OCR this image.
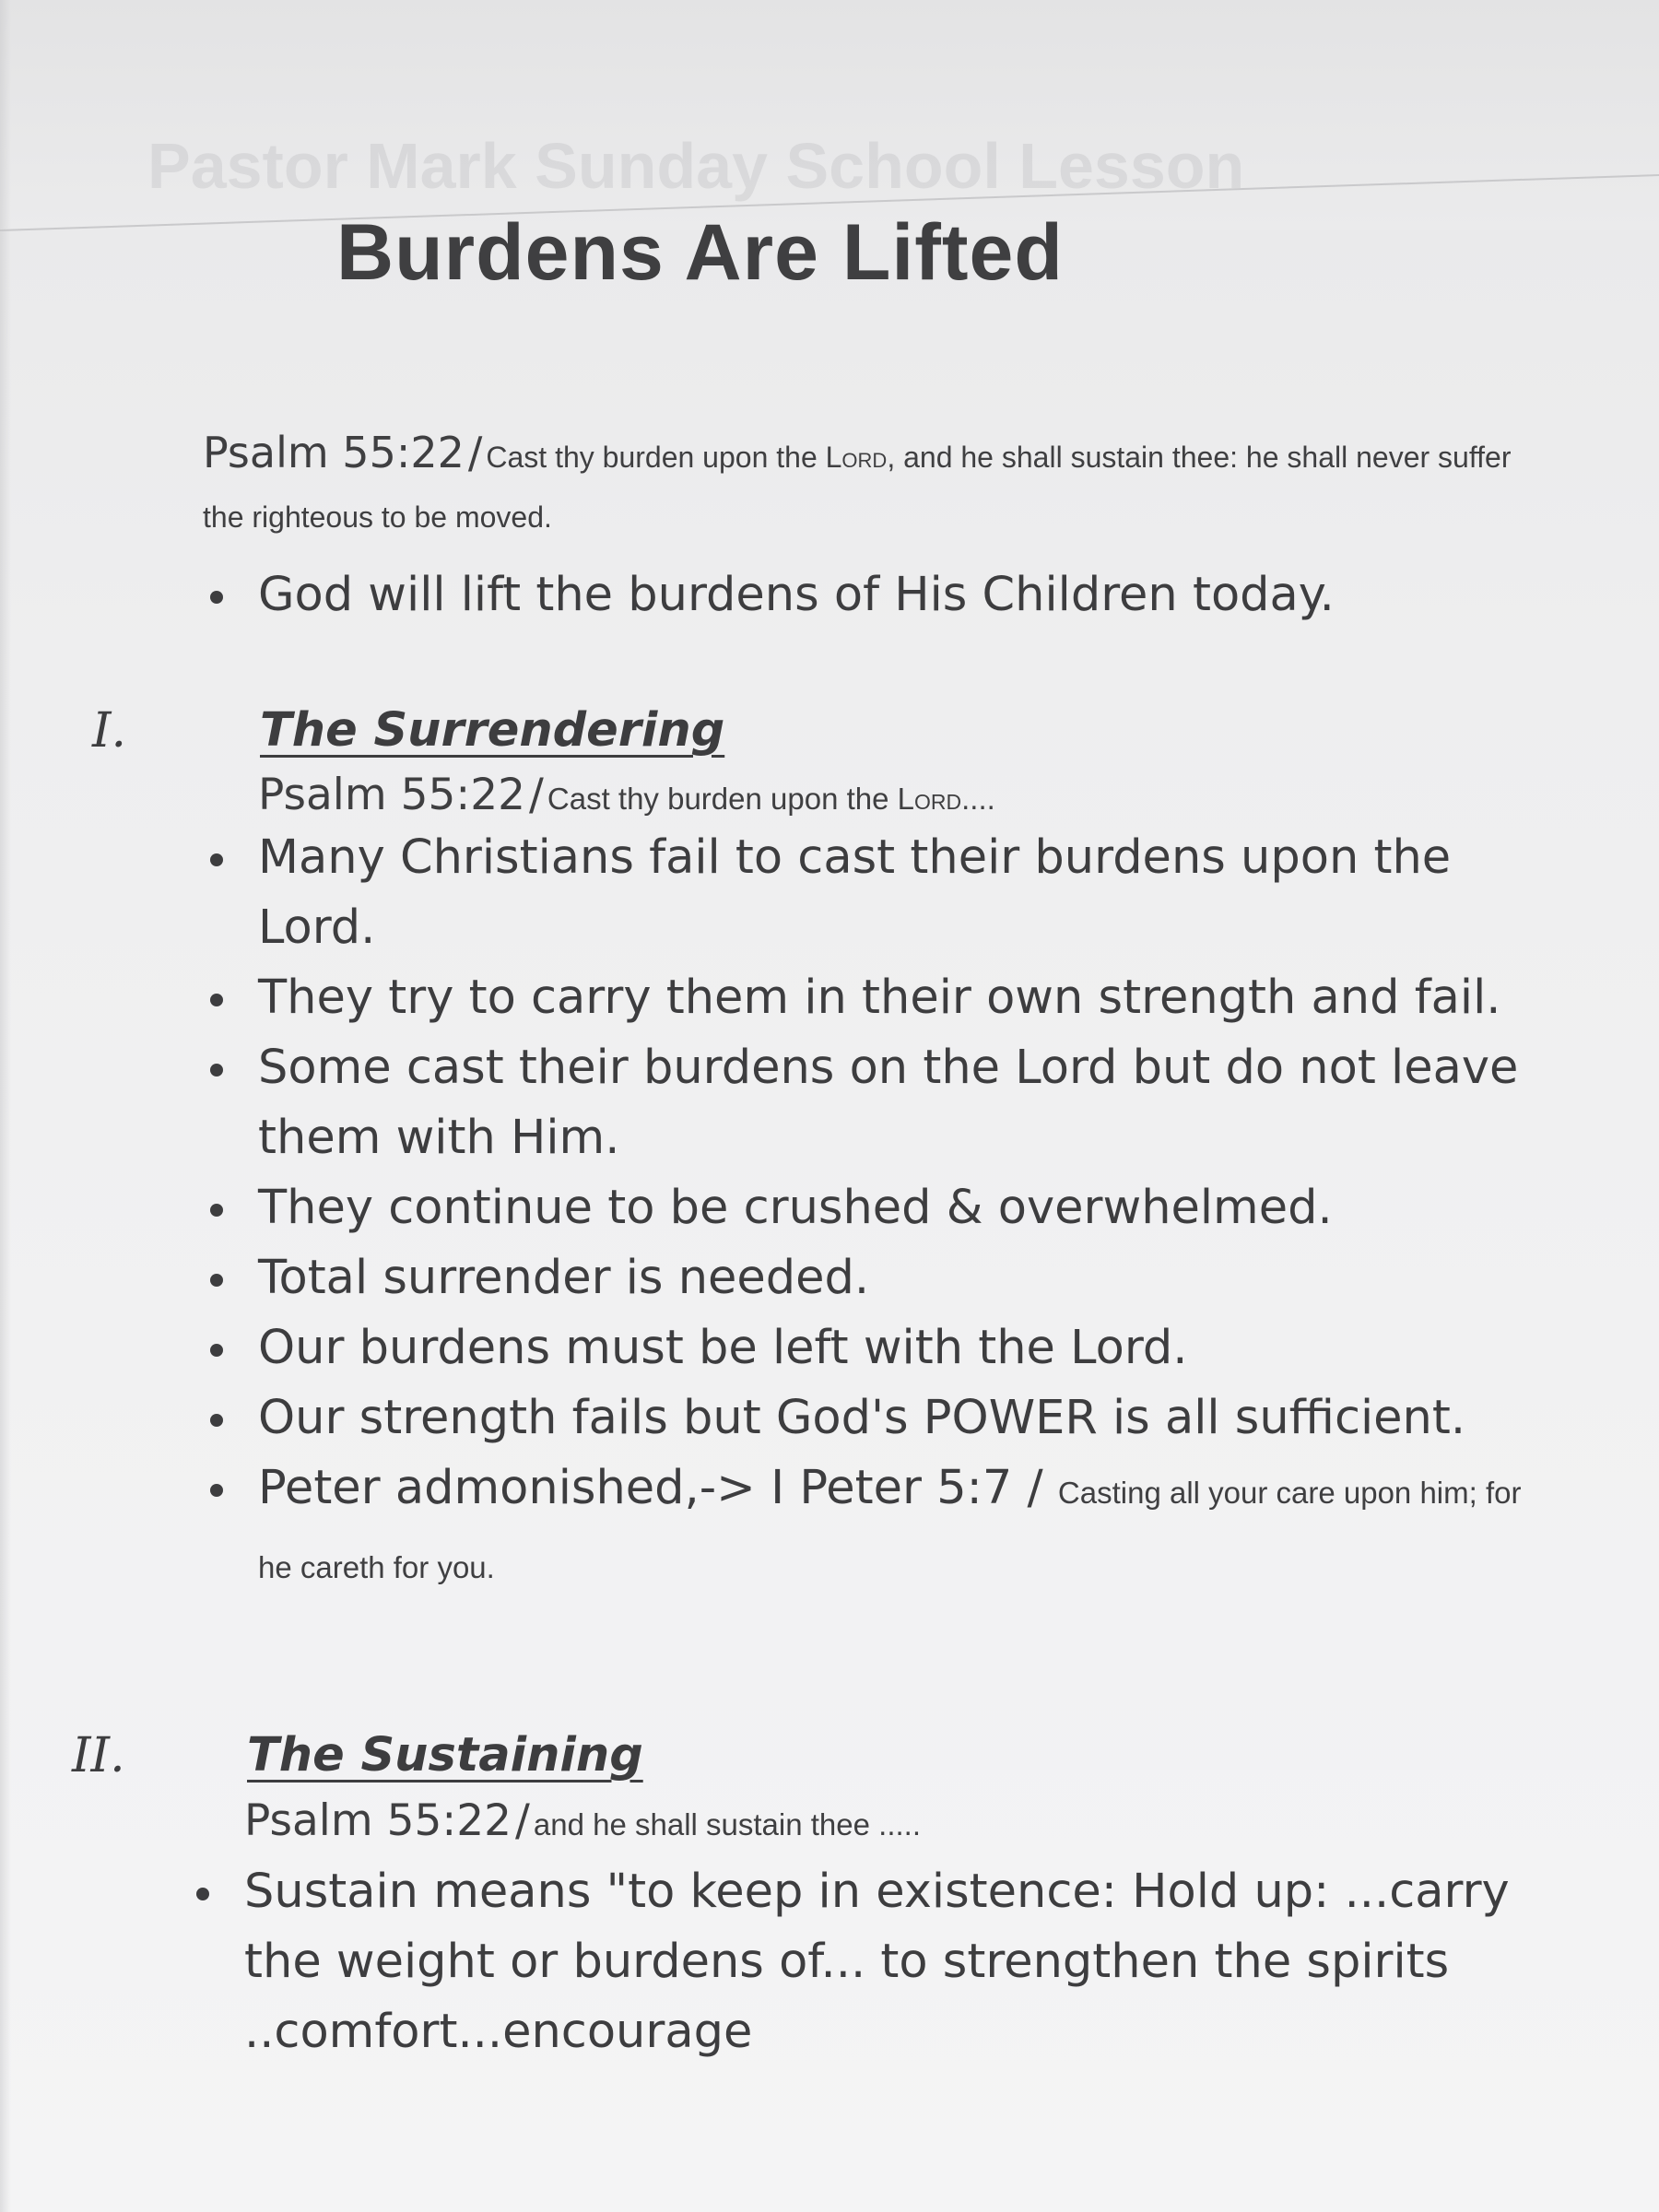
Pastor Mark Sunday School Lesson
Burdens Are Lifted
Psalm 55:22 / Cast thy burden upon the Lord, and he shall sustain thee: he shall never suffer the righteous to be moved.
God will lift the burdens of His Children today.
I.	The Surrendering
Psalm 55:22 / Cast thy burden upon the Lord....
Many Christians fail to cast their burdens upon the Lord.
They try to carry them in their own strength and fail.
Some cast their burdens on the Lord but do not leave them with Him.
They continue to be crushed & overwhelmed.
Total surrender is needed.
Our burdens must be left with the Lord.
Our strength fails but God's POWER is all sufficient.
Peter admonished,-> I Peter 5:7 / Casting all your care upon him; for he careth for you.
II.	The Sustaining
Psalm 55:22 / and he shall sustain thee .....
Sustain means "to keep in existence: Hold up: ...carry the weight or burdens of... to strengthen the spirits ..comfort...encourage
